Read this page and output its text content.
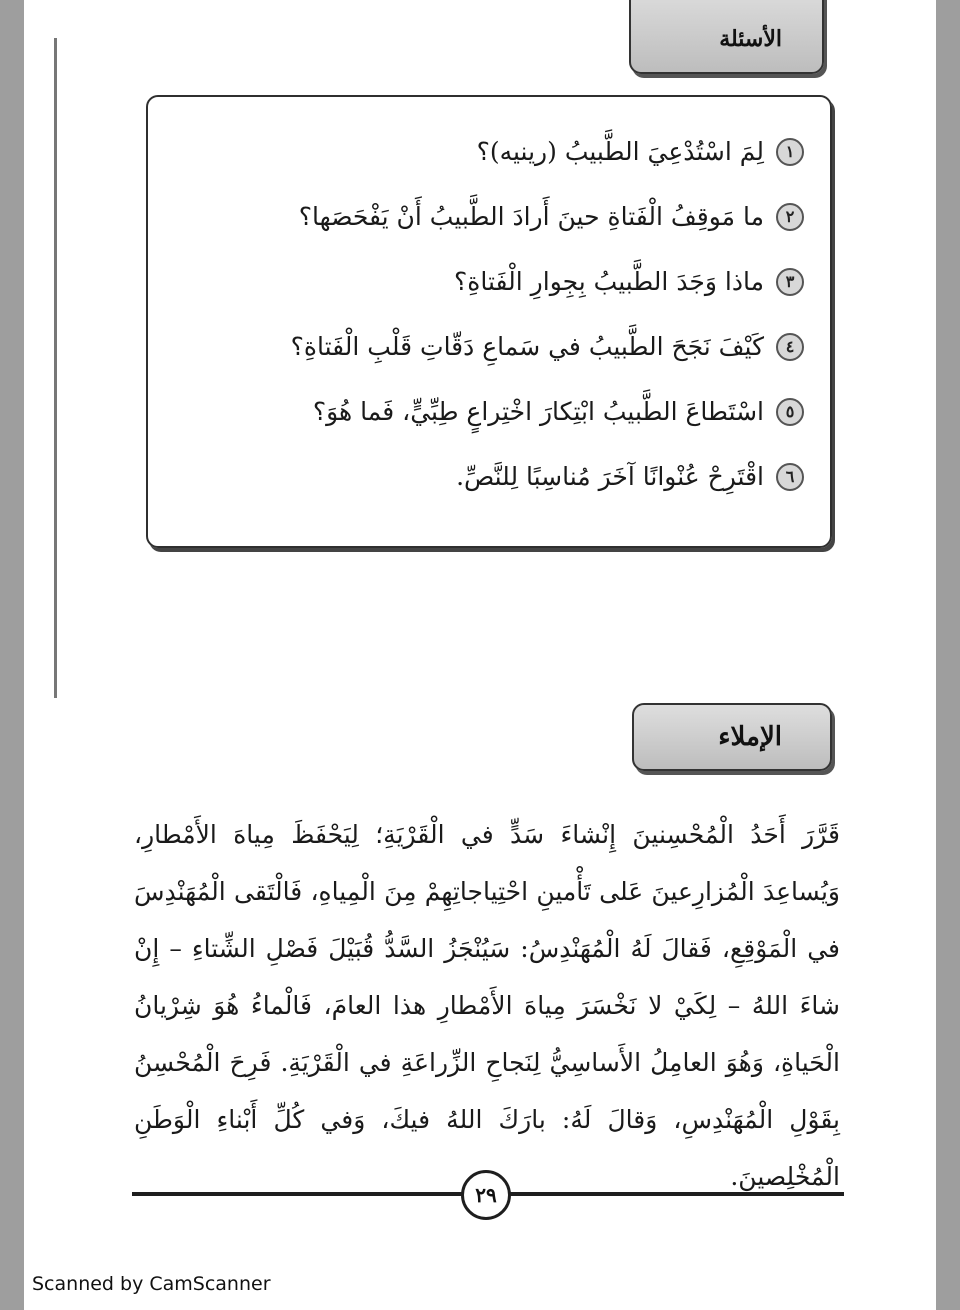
الأسئلة
١
لِمَ اسْتُدْعِيَ الطَّبيبُ (رينيه)؟
٢
ما مَوقِفُ الْفَتاةِ حينَ أَرادَ الطَّبيبُ أَنْ يَفْحَصَها؟
٣
ماذا وَجَدَ الطَّبيبُ بِجِوارِ الْفَتاةِ؟
٤
كَيْفَ نَجَحَ الطَّبيبُ في سَماعِ دَقّاتِ قَلْبِ الْفَتاةِ؟
٥
اسْتَطاعَ الطَّبيبُ ابْتِكارَ اخْتِراعٍ طِبِّيٍّ، فَما هُوَ؟
٦
اقْتَرِحْ عُنْوانًا آخَرَ مُناسِبًا لِلنَّصِّ.
الإملاء

قَرَّرَ أَحَدُ الْمُحْسِنينَ إِنْشاءَ سَدٍّ في الْقَرْيَةِ؛ لِيَحْفَظَ مِياهَ الأَمْطارِ، وَيُساعِدَ الْمُزارِعينَ عَلى تَأْمينِ احْتِياجاتِهِمْ مِنَ الْمِياهِ، فَالْتَقى الْمُهَنْدِسَ في الْمَوْقِعِ، فَقالَ لَهُ الْمُهَنْدِسُ: سَيُنْجَزُ السَّدُّ قُبَيْلَ فَصْلِ الشِّتاءِ – إِنْ شاءَ اللهُ – لِكَيْ لا نَخْسَرَ مِياهَ الأَمْطارِ هذا العامَ، فَالْماءُ هُوَ شِرْيانُ الْحَياةِ، وَهُوَ العامِلُ الأَساسِيُّ لِنَجاحِ الزِّراعَةِ في الْقَرْيَةِ. فَرِحَ الْمُحْسِنُ بِقَوْلِ الْمُهَنْدِسِ، وَقالَ لَهُ: بارَكَ اللهُ فيكَ، وَفي كُلِّ أَبْناءِ الْوَطَنِ الْمُخْلِصينَ.

٢٩
Scanned by CamScanner
